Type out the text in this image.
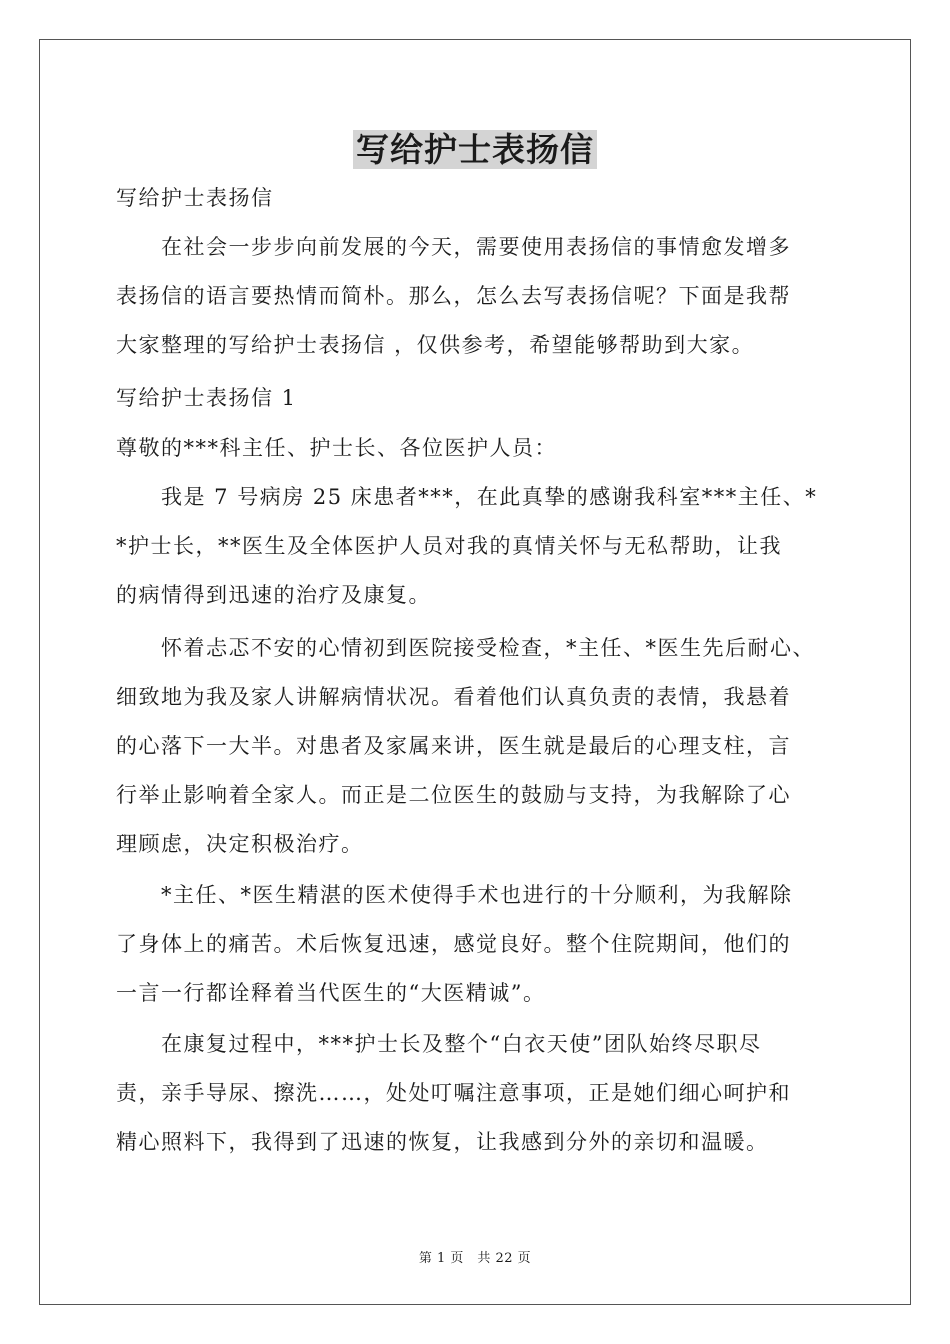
写给护士表扬信
写给护士表扬信
　　在社会一步步向前发展的今天，需要使用表扬信的事情愈发增多
表扬信的语言要热情而简朴。那么，怎么去写表扬信呢？下面是我帮
大家整理的写给护士表扬信 ，仅供参考，希望能够帮助到大家。
写给护士表扬信 1
尊敬的***科主任、护士长、各位医护人员：
　　我是 7 号病房 25 床患者***，在此真挚的感谢我科室***主任、*
*护士长，**医生及全体医护人员对我的真情关怀与无私帮助，让我
的病情得到迅速的治疗及康复。
　　怀着忐忑不安的心情初到医院接受检查，*主任、*医生先后耐心、
细致地为我及家人讲解病情状况。看着他们认真负责的表情，我悬着
的心落下一大半。对患者及家属来讲，医生就是最后的心理支柱，言
行举止影响着全家人。而正是二位医生的鼓励与支持，为我解除了心
理顾虑，决定积极治疗。
　　*主任、*医生精湛的医术使得手术也进行的十分顺利，为我解除
了身体上的痛苦。术后恢复迅速，感觉良好。整个住院期间，他们的
一言一行都诠释着当代医生的“大医精诚”。
　　在康复过程中，***护士长及整个“白衣天使”团队始终尽职尽
责，亲手导尿、擦洗……，处处叮嘱注意事项，正是她们细心呵护和
精心照料下，我得到了迅速的恢复，让我感到分外的亲切和温暖。
第 1 页　共 22 页
